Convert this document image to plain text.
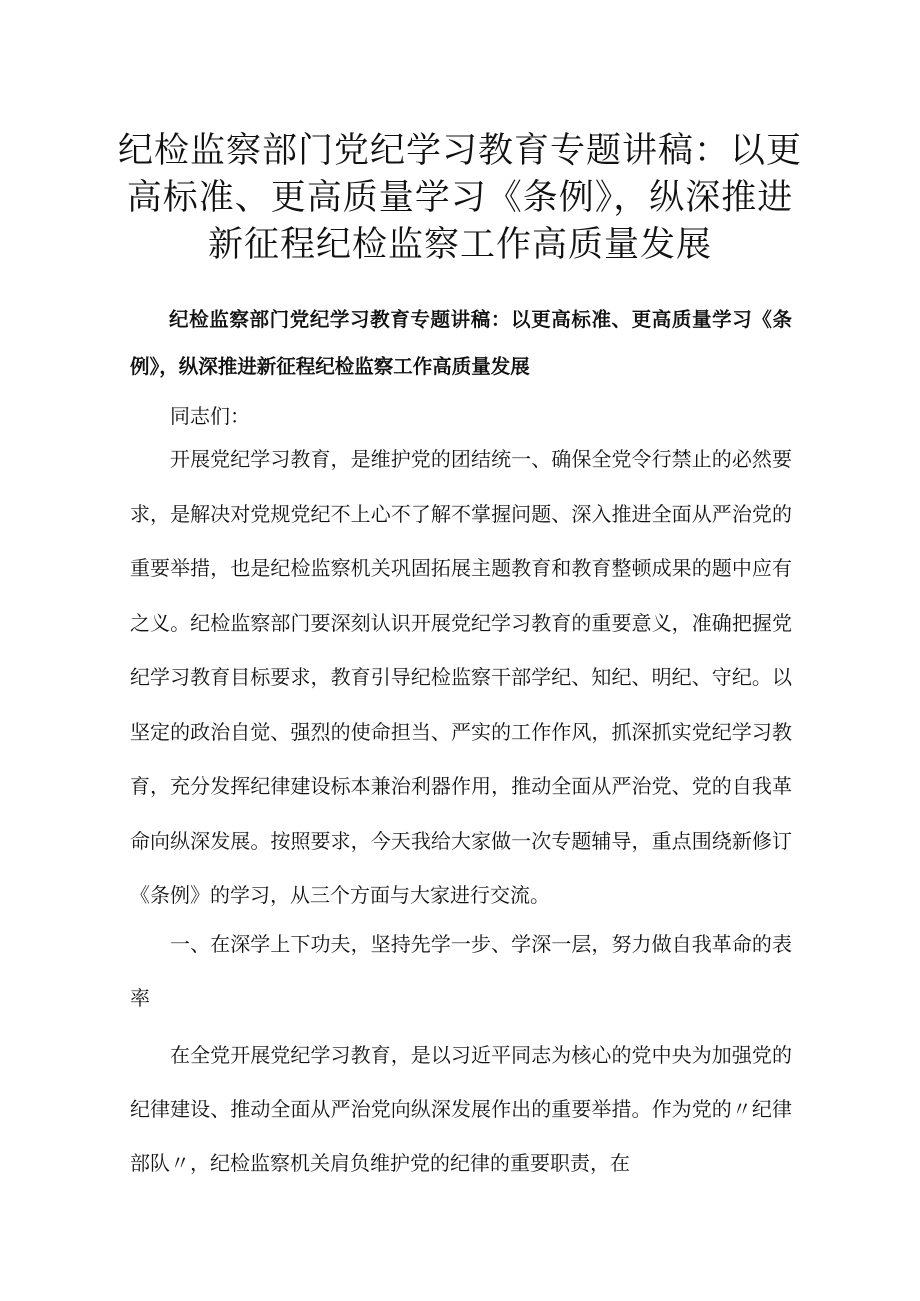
纪检监察部门党纪学习教育专题讲稿：以更高标准、更高质量学习《条例》，纵深推进新征程纪检监察工作高质量发展

纪检监察部门党纪学习教育专题讲稿：以更高标准、更高质量学习《条例》，纵深推进新征程纪检监察工作高质量发展

同志们：

开展党纪学习教育，是维护党的团结统一、确保全党令行禁止的必然要求，是解决对党规党纪不上心不了解不掌握问题、深入推进全面从严治党的重要举措，也是纪检监察机关巩固拓展主题教育和教育整顿成果的题中应有之义。纪检监察部门要深刻认识开展党纪学习教育的重要意义，准确把握党纪学习教育目标要求，教育引导纪检监察干部学纪、知纪、明纪、守纪。以坚定的政治自觉、强烈的使命担当、严实的工作作风，抓深抓实党纪学习教育，充分发挥纪律建设标本兼治利器作用，推动全面从严治党、党的自我革命向纵深发展。按照要求，今天我给大家做一次专题辅导，重点围绕新修订《条例》的学习，从三个方面与大家进行交流。

一、在深学上下功夫，坚持先学一步、学深一层，努力做自我革命的表率

在全党开展党纪学习教育，是以习近平同志为核心的党中央为加强党的纪律建设、推动全面从严治党向纵深发展作出的重要举措。作为党的〃纪律部队〃，纪检监察机关肩负维护党的纪律的重要职责，在
